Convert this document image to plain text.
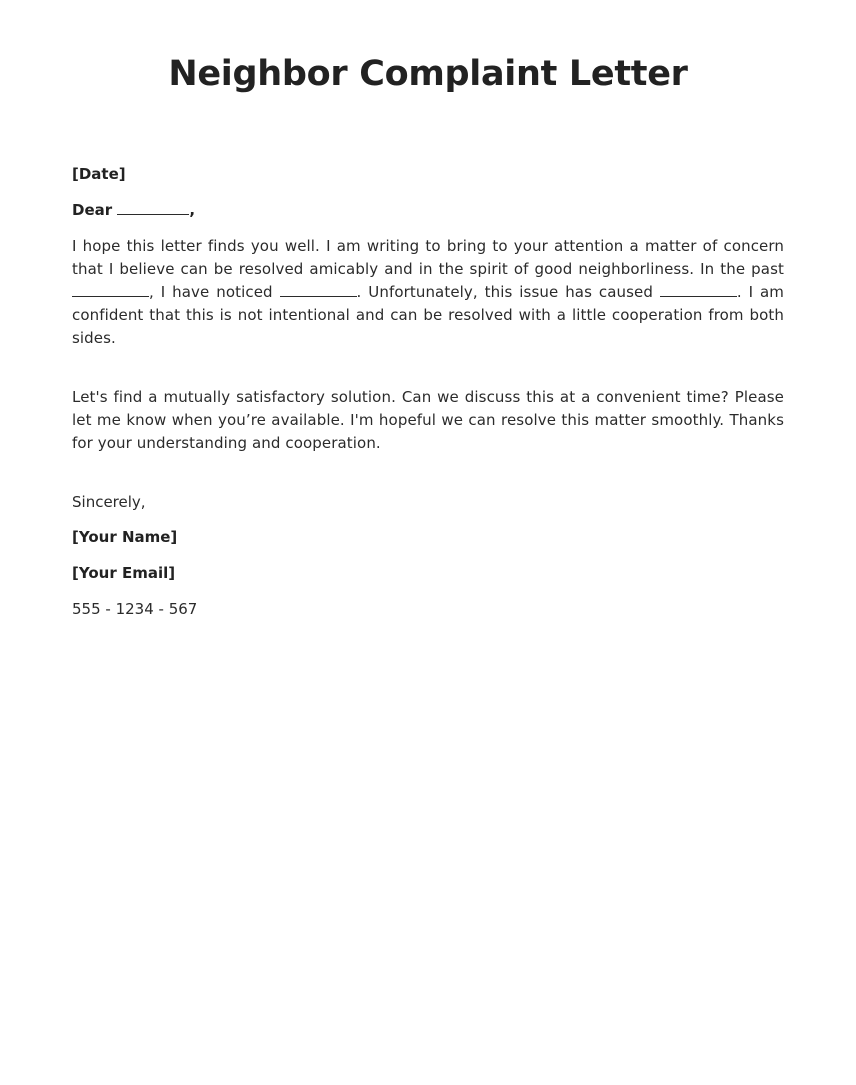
Neighbor Complaint Letter

[Date]

Dear	,

I hope this letter finds you well. I am writing to bring to your attention a matter of concern that I believe can be resolved amicably and in the spirit of good neighborliness. In the past , I have noticed	. Unfortunately, this issue has caused	. I am confident that this is not intentional and can be resolved with a little cooperation from both sides.

Let's find a mutually satisfactory solution. Can we discuss this at a convenient time? Please let me know when you’re available. I'm hopeful we can resolve this matter smoothly. Thanks for your understanding and cooperation.

Sincerely,

[Your Name]

[Your Email]

555 - 1234 - 567
